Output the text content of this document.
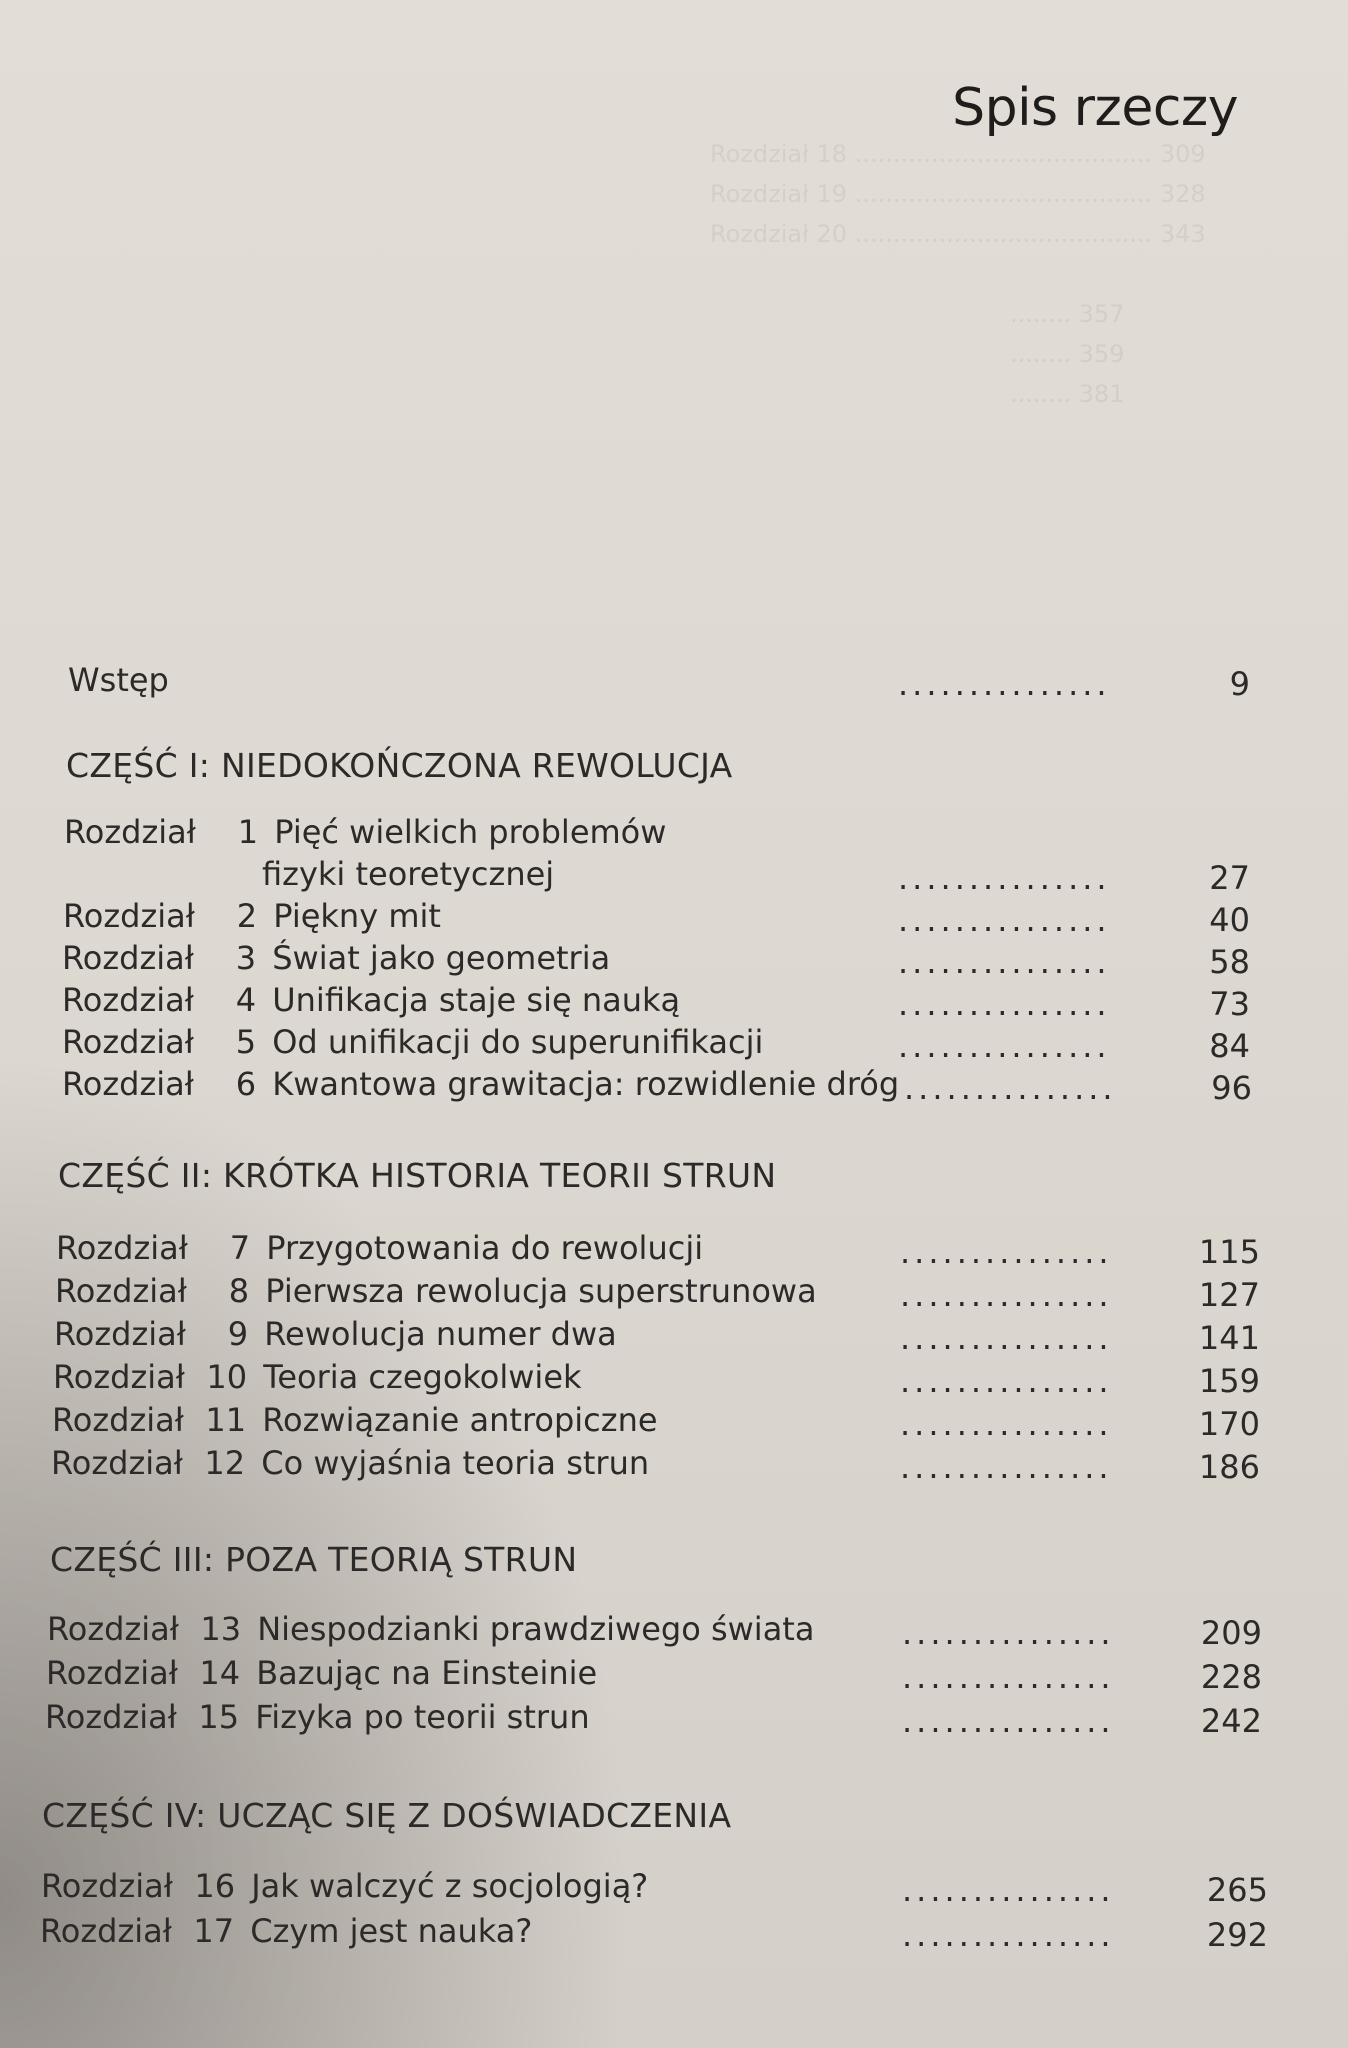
Rozdział 18 ....................................... 309
Rozdział 19 ....................................... 328
Rozdział 20 ....................................... 343
........ 357
........ 359
........ 381
Spis rzeczy
Wstęp	...............	9
CZĘŚĆ I: NIEDOKOŃCZONA REWOLUCJA
Rozdział 1 Pięć wielkich problemów
fizyki teoretycznej	...............	27
Rozdział 2 Piękny mit	...............	40
Rozdział 3 Świat jako geometria	...............	58
Rozdział 4 Unifikacja staje się nauką	...............	73
Rozdział 5 Od unifikacji do superunifikacji	...............	84
Rozdział 6 Kwantowa grawitacja: rozwidlenie dróg ...............	96
CZĘŚĆ II: KRÓTKA HISTORIA TEORII STRUN
Rozdział 7 Przygotowania do rewolucji	...............	115
Rozdział 8 Pierwsza rewolucja superstrunowa	...............	127
Rozdział 9 Rewolucja numer dwa	...............	141
Rozdział 10 Teoria czegokolwiek	...............	159
Rozdział 11 Rozwiązanie antropiczne	...............	170
Rozdział 12 Co wyjaśnia teoria strun	...............	186
CZĘŚĆ III: POZA TEORIĄ STRUN
Rozdział 13 Niespodzianki prawdziwego świata	...............	209
Rozdział 14 Bazując na Einsteinie	...............	228
Rozdział 15 Fizyka po teorii strun	...............	242
CZĘŚĆ IV: UCZĄC SIĘ Z DOŚWIADCZENIA
Rozdział 16 Jak walczyć z socjologią?	...............	265
Rozdział 17 Czym jest nauka?	...............	292
